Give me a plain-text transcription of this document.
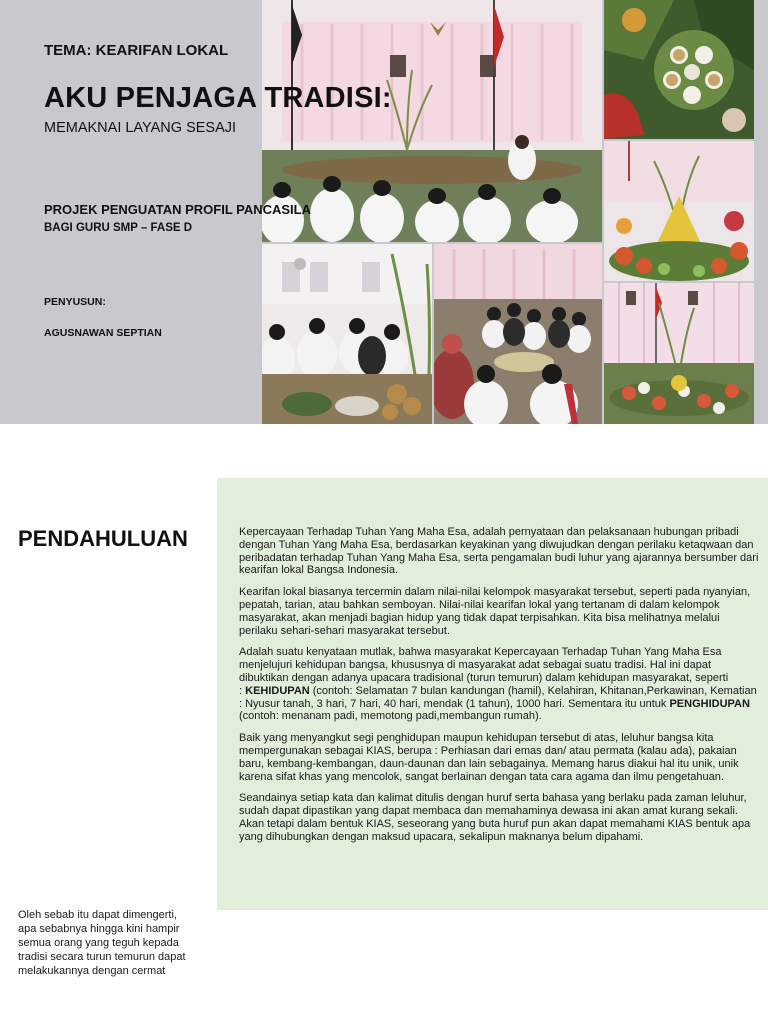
TEMA: KEARIFAN LOKAL
AKU PENJAGA TRADISI:
MEMAKNAI LAYANG SESAJI
PROJEK PENGUATAN PROFIL PANCASILA
BAGI GURU SMP – FASE D
PENYUSUN:
AGUSNAWAN SEPTIAN
PENDAHULUAN	Kepercayaan Terhadap Tuhan Yang Maha Esa, adalah pernyataan dan pelaksanaan hubungan pribadi dengan Tuhan Yang Maha Esa, berdasarkan keyakinan yang diwujudkan dengan perilaku ketaqwaan dan peribadatan terhadap Tuhan Yang Maha Esa, serta pengamalan budi luhur yang ajarannya bersumber dari kearifan lokal Bangsa Indonesia.

Kearifan lokal biasanya tercermin dalam nilai-nilai kelompok masyarakat tersebut, seperti pada nyanyian, pepatah, tarian, atau bahkan semboyan. Nilai-nilai kearifan lokal yang tertanam di dalam kelompok masyarakat, akan menjadi bagian hidup yang tidak dapat terpisahkan. Kita bisa melihatnya melalui perilaku sehari-sehari masyarakat tersebut.

Adalah suatu kenyataan mutlak, bahwa masyarakat Kepercayaan Terhadap Tuhan Yang Maha Esa menjelujuri kehidupan bangsa, khususnya di masyarakat adat sebagai suatu tradisi. Hal ini dapat dibuktikan dengan adanya upacara tradisional (turun temurun) dalam kehidupan masyarakat, seperti
: KEHIDUPAN (contoh: Selamatan 7 bulan kandungan (hamil), Kelahiran, Khitanan,Perkawinan, Kematian : Nyusur tanah, 3 hari, 7 hari, 40 hari, mendak (1 tahun), 1000 hari. Sementara itu untuk PENGHIDUPAN (contoh: menanam padi, memotong padi,membangun rumah).

Baik yang menyangkut segi penghidupan maupun kehidupan tersebut di atas, leluhur bangsa kita mempergunakan sebagai KIAS, berupa : Perhiasan dari emas dan/ atau permata (kalau ada), pakaian baru, kembang-kembangan, daun-daunan dan lain sebagainya. Memang harus diakui hal itu unik, unik karena sifat khas yang mencolok, sangat berlainan dengan tata cara agama dan ilmu pengetahuan.

Seandainya setiap kata dan kalimat ditulis dengan huruf serta bahasa yang berlaku pada zaman leluhur, sudah dapat dipastikan yang dapat membaca dan memahaminya dewasa ini akan amat kurang sekali. Akan tetapi dalam bentuk KIAS, seseorang yang buta huruf pun akan dapat memahami KIAS bentuk apa yang dihubungkan dengan maksud upacara, sekalipun maknanya belum dipahami.

Oleh sebab itu dapat dimengerti, apa sebabnya hingga kini hampir semua orang yang teguh kepada tradisi secara turun temurun dapat melakukannya dengan cermat
